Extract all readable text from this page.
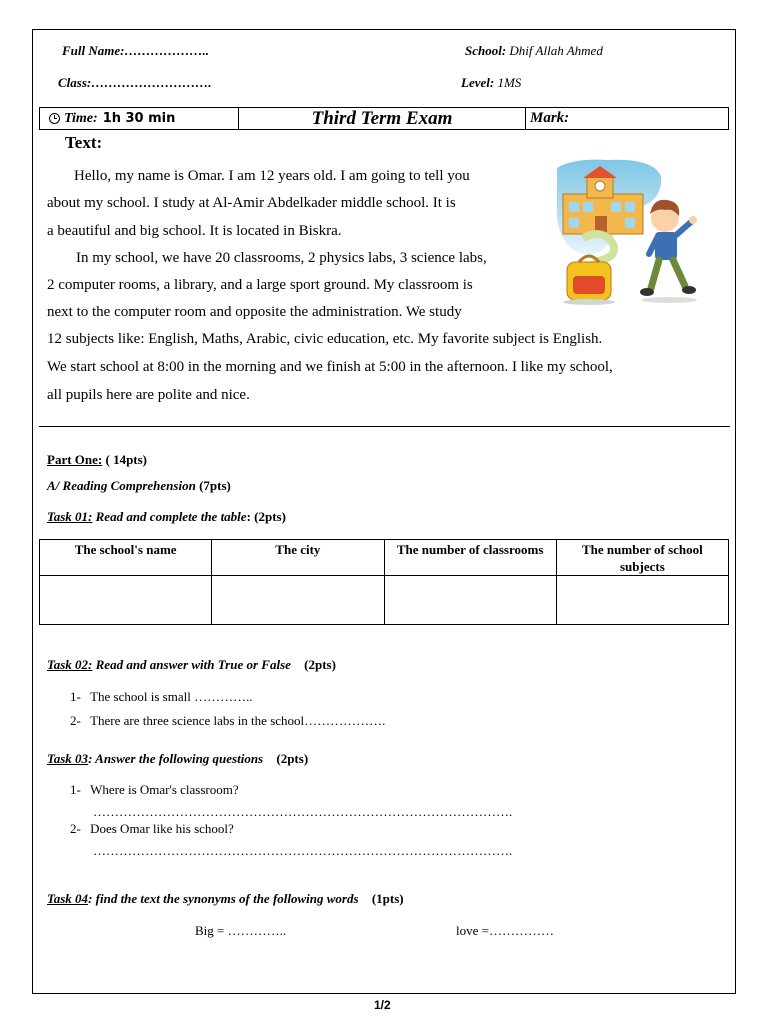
Full Name:………………..	School: Dhif Allah Ahmed
Class:……………………….	Level: 1MS
Time: 1h 30 min	Third Term Exam	Mark:
Text:

Hello, my name is Omar. I am 12 years old. I am going to tell you

about my school. I study at Al-Amir Abdelkader middle school. It is

a beautiful and big school. It is located in Biskra.

In my school, we have 20 classrooms, 2 physics labs, 3 science labs,

2 computer rooms, a library, and a large sport ground. My classroom is

next to the computer room and opposite the administration. We study

12 subjects like: English, Maths, Arabic, civic education, etc. My favorite subject is English.

We start school at 8:00 in the morning and we finish at 5:00 in the afternoon. I like my school,

all pupils here are polite and nice.

Part One: ( 14pts)
A/ Reading Comprehension (7pts)
Task 01: Read and complete the table: (2pts)
The school's name	The city	The number of classrooms	The number of school subjects

Task 02: Read and answer with True or False (2pts)
1- The school is small …………..
2- There are three science labs in the school……………….
Task 03: Answer the following questions (2pts)
1- Where is Omar's classroom?
…………………………………………………………………………………….
2- Does Omar like his school?
…………………………………………………………………………………….
Task 04: find the text the synonyms of the following words (1pts)
Big = …………..	love =……………
1/2
